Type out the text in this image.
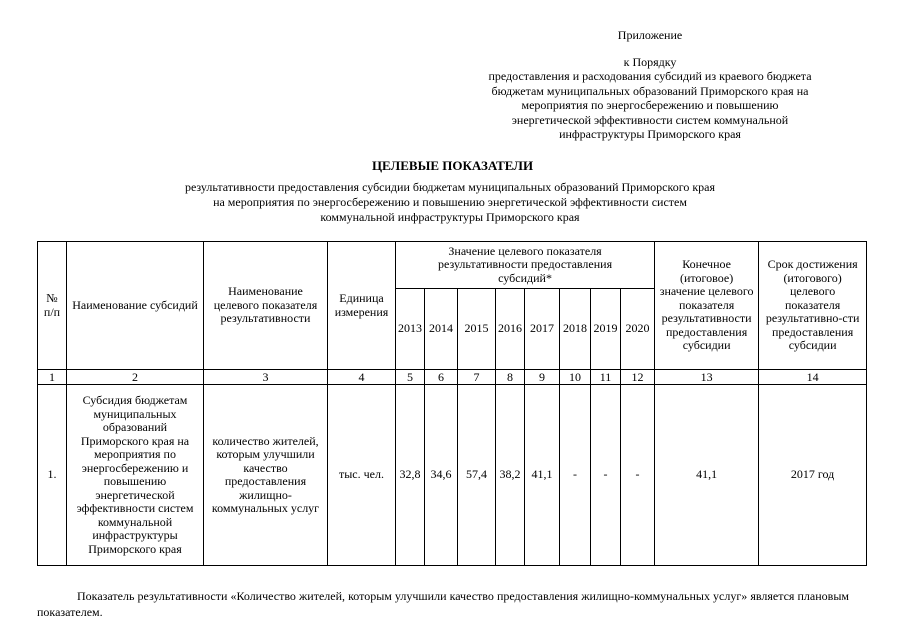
Приложение
к Порядку
предоставления и расходования субсидий из краевого бюджета
бюджетам муниципальных образований Приморского края на
мероприятия по энергосбережению и повышению
энергетической эффективности систем коммунальной
инфраструктуры Приморского края
ЦЕЛЕВЫЕ ПОКАЗАТЕЛИ
результативности предоставления субсидии бюджетам муниципальных образований Приморского края
на мероприятия по энергосбережению и повышению энергетической эффективности систем
коммунальной инфраструктуры Приморского края
№ п/п	Наименование субсидий	Наименование целевого показателя результативности	Единица измерения	Значение целевого показателя результативности предоставления субсидий*								Конечное (итоговое) значение целевого показателя результативности предоставления субсидии	Срок достижения (итогового) целевого показателя результативно-сти предоставления субсидии
				2013	2014	2015	2016	2017	2018	2019	2020		
1	2	3	4	5	6	7	8	9	10	11	12	13	14
1.	Субсидия бюджетам муниципальных образований Приморского края на мероприятия по энергосбережению и повышению энергетической эффективности систем коммунальной инфраструктуры Приморского края	количество жителей, которым улучшили качество предоставления жилищно-коммунальных услуг	тыс. чел.	32,8	34,6	57,4	38,2	41,1	-	-	-	41,1	2017 год
Показатель результативности «Количество жителей, которым улучшили качество предоставления жилищно-коммунальных услуг» является плановым показателем.
